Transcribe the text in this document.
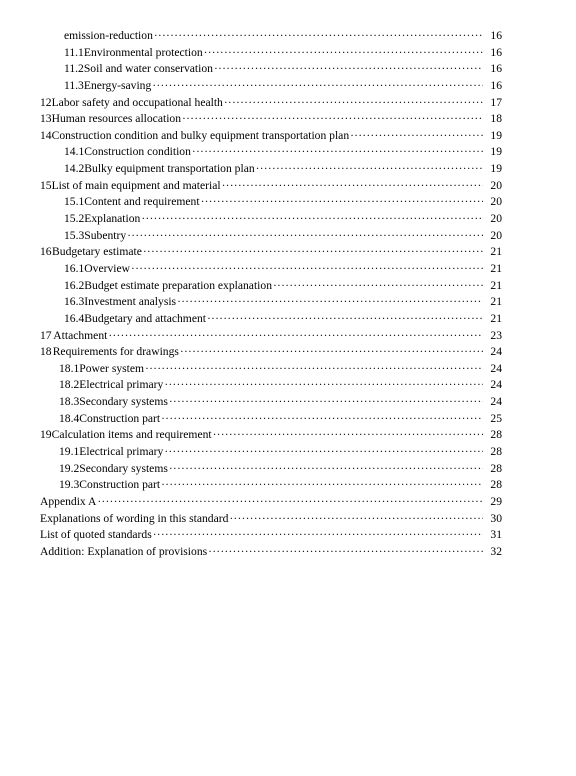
emission-reduction ·····	16
11.1 Environmental protection ·····	16
11.2 Soil and water conservation ·····	16
11.3 Energy-saving ·····	16
12 Labor safety and occupational health ·····	17
13 Human resources allocation ·····	18
14 Construction condition and bulky equipment transportation plan ·····	19
14.1 Construction condition ·····	19
14.2 Bulky equipment transportation plan ·····	19
15 List of main equipment and material ·····	20
15.1 Content and requirement ·····	20
15.2 Explanation ·····	20
15.3 Subentry ·····	20
16 Budgetary estimate ·····	21
16.1 Overview ·····	21
16.2 Budget estimate preparation explanation ·····	21
16.3 Investment analysis ·····	21
16.4 Budgetary and attachment ·····	21
17 Attachment ·····	23
18 Requirements for drawings ·····	24
18.1 Power system ·····	24
18.2 Electrical primary ·····	24
18.3 Secondary systems ·····	24
18.4 Construction part ·····	25
19 Calculation items and requirement ·····	28
19.1 Electrical primary ·····	28
19.2 Secondary systems ·····	28
19.3 Construction part ·····	28
Appendix A ·····	29
Explanations of wording in this standard ·····	30
List of quoted standards ·····	31
Addition: Explanation of provisions ·····	32
